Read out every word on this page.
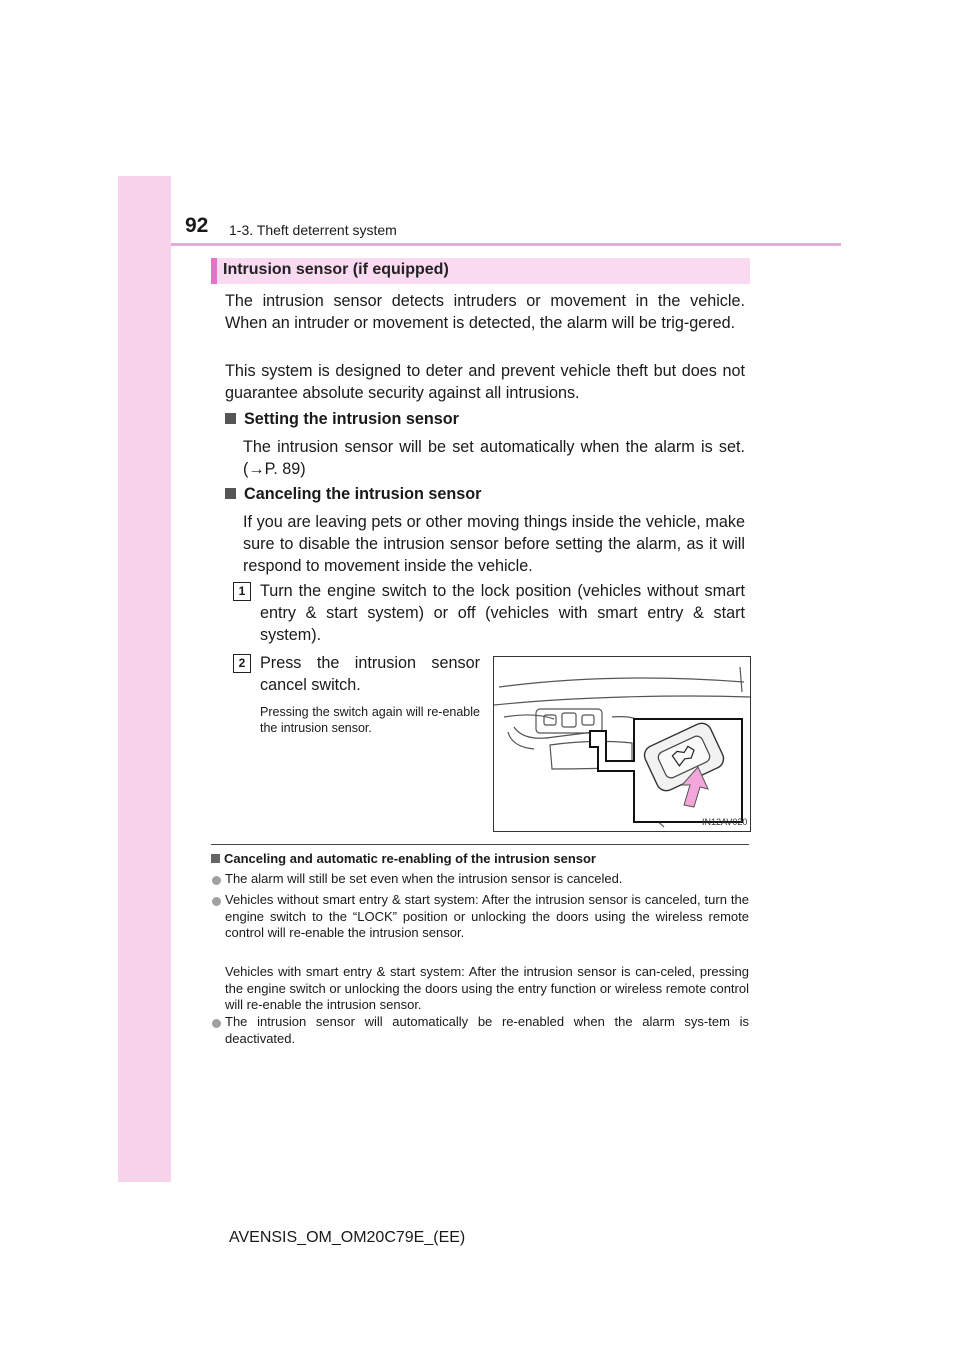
92 1-3. Theft deterrent system
Intrusion sensor (if equipped)
The intrusion sensor detects intruders or movement in the vehicle. When an intruder or movement is detected, the alarm will be trig-gered.
This system is designed to deter and prevent vehicle theft but does not guarantee absolute security against all intrusions.
Setting the intrusion sensor
The intrusion sensor will be set automatically when the alarm is set. (→P. 89)
Canceling the intrusion sensor
If you are leaving pets or other moving things inside the vehicle, make sure to disable the intrusion sensor before setting the alarm, as it will respond to movement inside the vehicle.
1 Turn the engine switch to the lock position (vehicles without smart entry & start system) or off (vehicles with smart entry & start system).
2 Press the intrusion sensor cancel switch.
Pressing the switch again will re-enable the intrusion sensor.
IN12AV020
Canceling and automatic re-enabling of the intrusion sensor
The alarm will still be set even when the intrusion sensor is canceled.
Vehicles without smart entry & start system: After the intrusion sensor is canceled, turn the engine switch to the “LOCK” position or unlocking the doors using the wireless remote control will re-enable the intrusion sensor.
Vehicles with smart entry & start system: After the intrusion sensor is can-celed, pressing the engine switch or unlocking the doors using the entry function or wireless remote control will re-enable the intrusion sensor.
The intrusion sensor will automatically be re-enabled when the alarm sys-tem is deactivated.
AVENSIS_OM_OM20C79E_(EE)
